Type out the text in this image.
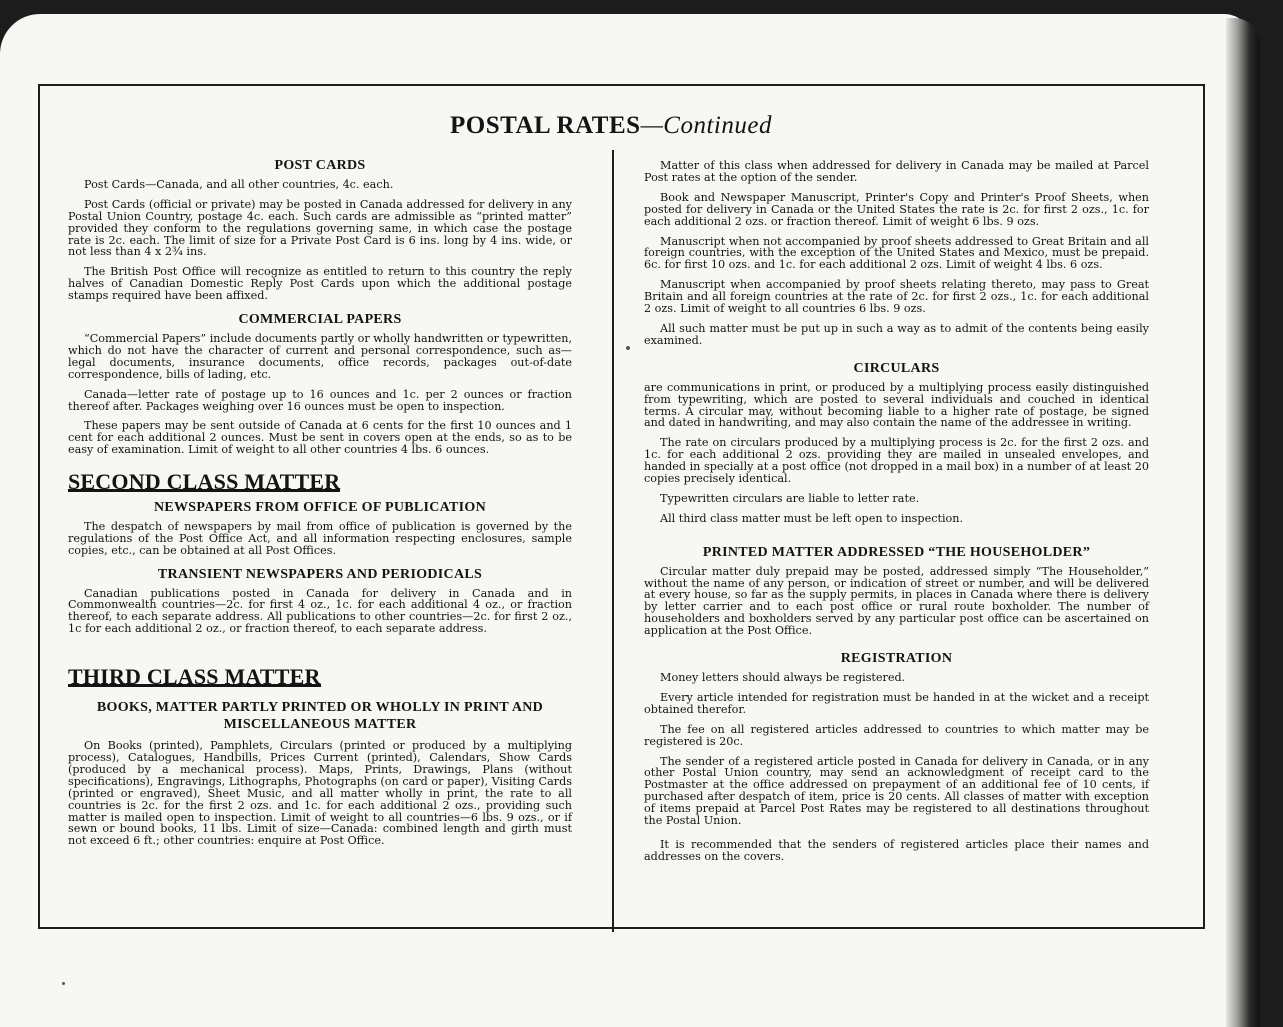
POSTAL RATES—Continued
POST CARDS

Post Cards—Canada, and all other countries, 4c. each.

Post Cards (official or private) may be posted in Canada addressed for delivery in any Postal Union Country, postage 4c. each. Such cards are admissible as “printed matter” provided they conform to the regulations governing same, in which case the postage rate is 2c. each. The limit of size for a Private Post Card is 6 ins. long by 4 ins. wide, or not less than 4 x 2¾ ins.

The British Post Office will recognize as entitled to return to this country the reply halves of Canadian Domestic Reply Post Cards upon which the additional postage stamps required have been affixed.

COMMERCIAL PAPERS

“Commercial Papers” include documents partly or wholly handwritten or typewritten, which do not have the character of current and personal correspondence, such as—legal documents, insurance documents, office records, packages out-of-date correspondence, bills of lading, etc.

Canada—letter rate of postage up to 16 ounces and 1c. per 2 ounces or fraction thereof after. Packages weighing over 16 ounces must be open to inspection.

These papers may be sent outside of Canada at 6 cents for the first 10 ounces and 1 cent for each additional 2 ounces. Must be sent in covers open at the ends, so as to be easy of examination. Limit of weight to all other countries 4 lbs. 6 ounces.

SECOND CLASS MATTER
NEWSPAPERS FROM OFFICE OF PUBLICATION

The despatch of newspapers by mail from office of publication is governed by the regulations of the Post Office Act, and all information respecting enclosures, sample copies, etc., can be obtained at all Post Offices.

TRANSIENT NEWSPAPERS AND PERIODICALS

Canadian publications posted in Canada for delivery in Canada and in Commonwealth countries—2c. for first 4 oz., 1c. for each additional 4 oz., or fraction thereof, to each separate address. All publications to other countries—2c. for first 2 oz., 1c for each additional 2 oz., or fraction thereof, to each separate address.

THIRD CLASS MATTER
BOOKS, MATTER PARTLY PRINTED OR WHOLLY IN PRINT AND MISCELLANEOUS MATTER

On Books (printed), Pamphlets, Circulars (printed or produced by a multiplying process), Catalogues, Handbills, Prices Current (printed), Calendars, Show Cards (produced by a mechanical process). Maps, Prints, Drawings, Plans (without specifications), Engravings, Lithographs, Photographs (on card or paper), Visiting Cards (printed or engraved), Sheet Music, and all matter wholly in print, the rate to all countries is 2c. for the first 2 ozs. and 1c. for each additional 2 ozs., providing such matter is mailed open to inspection. Limit of weight to all countries—6 lbs. 9 ozs., or if sewn or bound books, 11 lbs. Limit of size—Canada: combined length and girth must not exceed 6 ft.; other countries: enquire at Post Office.

Matter of this class when addressed for delivery in Canada may be mailed at Parcel Post rates at the option of the sender.

Book and Newspaper Manuscript, Printer's Copy and Printer's Proof Sheets, when posted for delivery in Canada or the United States the rate is 2c. for first 2 ozs., 1c. for each additional 2 ozs. or fraction thereof. Limit of weight 6 lbs. 9 ozs.

Manuscript when not accompanied by proof sheets addressed to Great Britain and all foreign countries, with the exception of the United States and Mexico, must be prepaid. 6c. for first 10 ozs. and 1c. for each additional 2 ozs. Limit of weight 4 lbs. 6 ozs.

Manuscript when accompanied by proof sheets relating thereto, may pass to Great Britain and all foreign countries at the rate of 2c. for first 2 ozs., 1c. for each additional 2 ozs. Limit of weight to all countries 6 lbs. 9 ozs.

All such matter must be put up in such a way as to admit of the contents being easily examined.

CIRCULARS

are communications in print, or produced by a multiplying process easily distinguished from typewriting, which are posted to several individuals and couched in identical terms. A circular may, without becoming liable to a higher rate of postage, be signed and dated in handwriting, and may also contain the name of the addressee in writing.

The rate on circulars produced by a multiplying process is 2c. for the first 2 ozs. and 1c. for each additional 2 ozs. providing they are mailed in unsealed envelopes, and handed in specially at a post office (not dropped in a mail box) in a number of at least 20 copies precisely identical.

Typewritten circulars are liable to letter rate.

All third class matter must be left open to inspection.

PRINTED MATTER ADDRESSED “THE HOUSEHOLDER”

Circular matter duly prepaid may be posted, addressed simply “The Householder,” without the name of any person, or indication of street or number, and will be delivered at every house, so far as the supply permits, in places in Canada where there is delivery by letter carrier and to each post office or rural route boxholder. The number of householders and boxholders served by any particular post office can be ascertained on application at the Post Office.

REGISTRATION

Money letters should always be registered.

Every article intended for registration must be handed in at the wicket and a receipt obtained therefor.

The fee on all registered articles addressed to countries to which matter may be registered is 20c.

The sender of a registered article posted in Canada for delivery in Canada, or in any other Postal Union country, may send an acknowledgment of receipt card to the Postmaster at the office addressed on prepayment of an additional fee of 10 cents, if purchased after despatch of item, price is 20 cents. All classes of matter with exception of items prepaid at Parcel Post Rates may be registered to all destinations throughout the Postal Union.

It is recommended that the senders of registered articles place their names and addresses on the covers.
